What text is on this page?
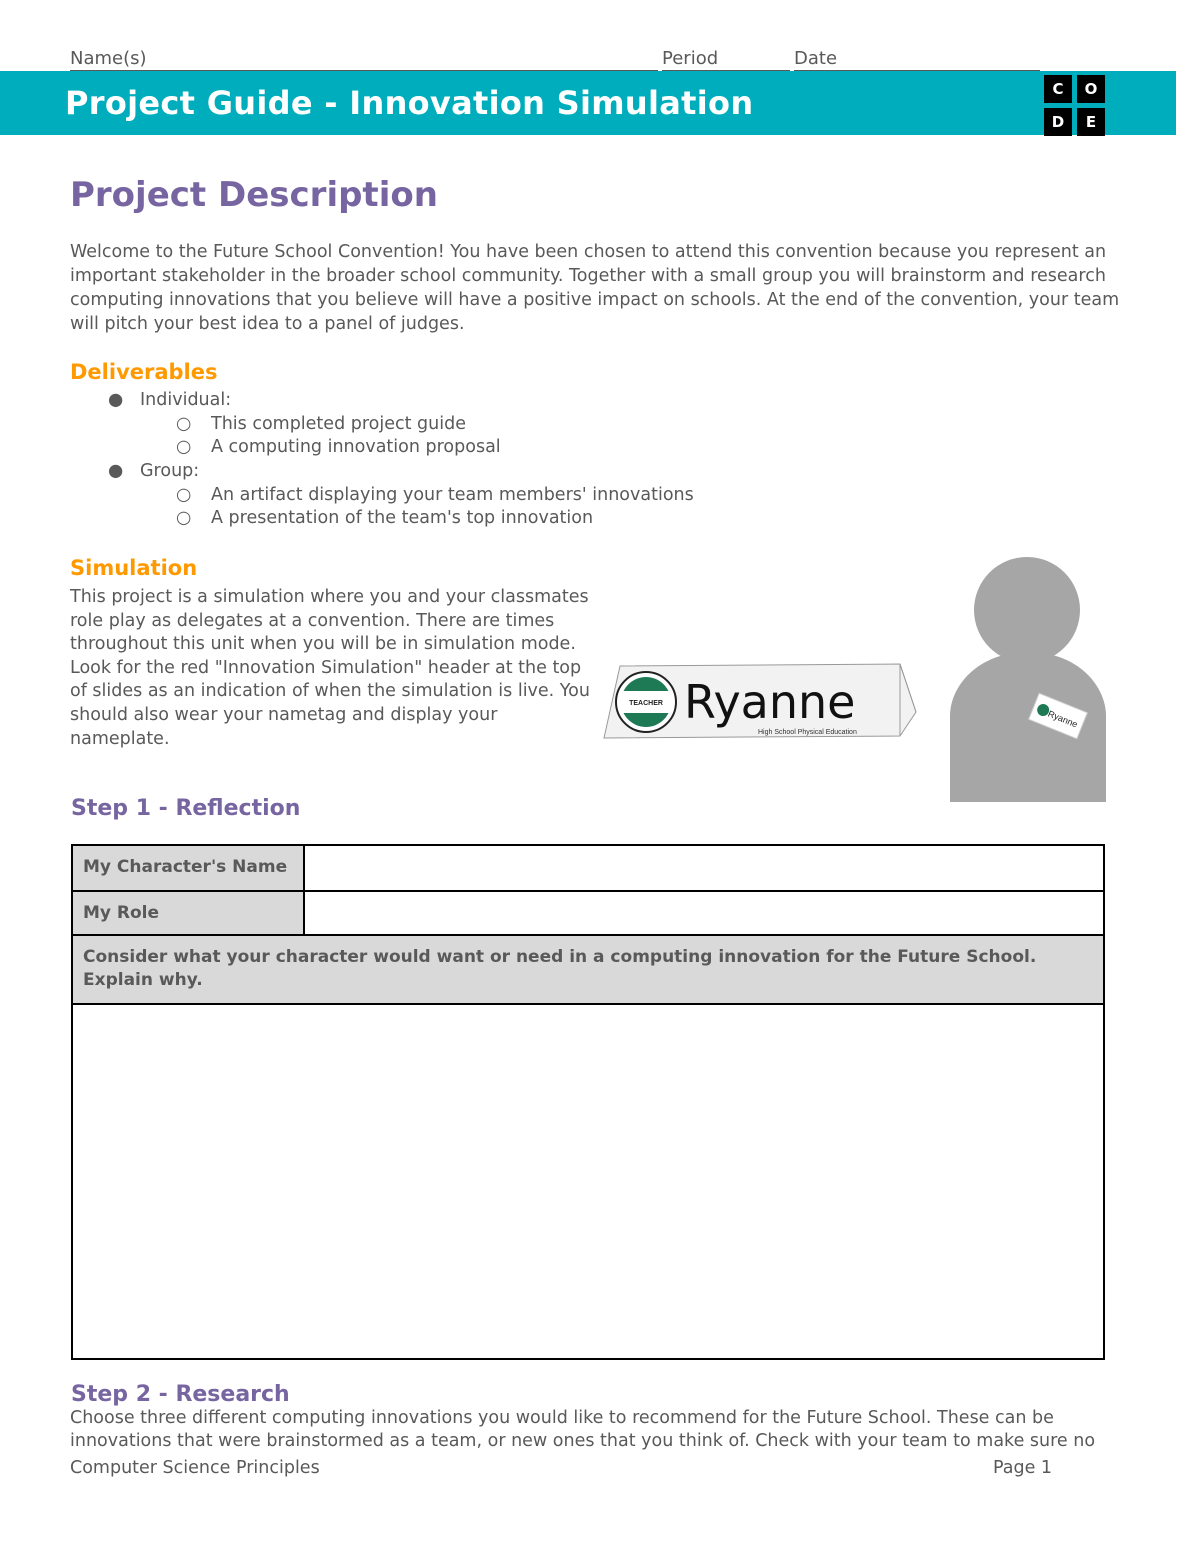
Name(s)	Period	Date
Project Guide - Innovation Simulation	C	O
D	E
Project Description
Welcome to the Future School Convention! You have been chosen to attend this convention because you represent an important stakeholder in the broader school community. Together with a small group you will brainstorm and research computing innovations that you believe will have a positive impact on schools. At the end of the convention, your team will pitch your best idea to a panel of judges.
Deliverables
● Individual:
○ This completed project guide
○ A computing innovation proposal
● Group:
○ An artifact displaying your team members' innovations
○ A presentation of the team's top innovation
Simulation
This project is a simulation where you and your classmates role play as delegates at a convention. There are times throughout this unit when you will be in simulation mode. Look for the red "Innovation Simulation" header at the top of slides as an indication of when the simulation is live. You should also wear your nametag and display your nameplate.
TEACHER Ryanne
High School Physical Education
Ryanne
Step 1 - Reflection
My Character's Name
My Role
Consider what your character would want or need in a computing innovation for the Future School. Explain why.
Step 2 - Research
Choose three different computing innovations you would like to recommend for the Future School. These can be innovations that were brainstormed as a team, or new ones that you think of. Check with your team to make sure no
Computer Science Principles	Page 1
